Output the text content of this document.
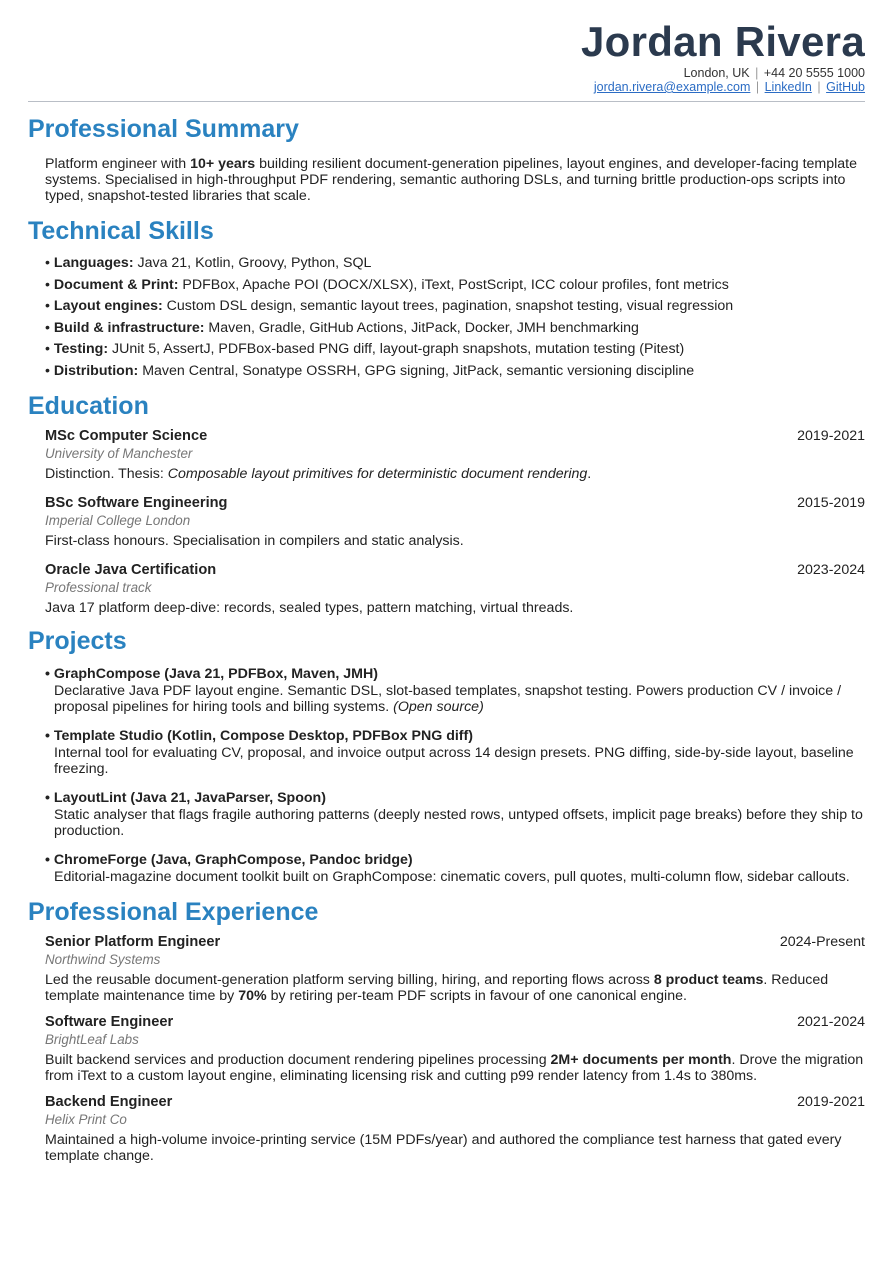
Jordan Rivera
London, UK | +44 20 5555 1000
jordan.rivera@example.com | LinkedIn | GitHub
Professional Summary
Platform engineer with 10+ years building resilient document-generation pipelines, layout engines, and developer-facing template systems. Specialised in high-throughput PDF rendering, semantic authoring DSLs, and turning brittle production-ops scripts into typed, snapshot-tested libraries that scale.
Technical Skills
• Languages: Java 21, Kotlin, Groovy, Python, SQL
• Document & Print: PDFBox, Apache POI (DOCX/XLSX), iText, PostScript, ICC colour profiles, font metrics
• Layout engines: Custom DSL design, semantic layout trees, pagination, snapshot testing, visual regression
• Build & infrastructure: Maven, Gradle, GitHub Actions, JitPack, Docker, JMH benchmarking
• Testing: JUnit 5, AssertJ, PDFBox-based PNG diff, layout-graph snapshots, mutation testing (Pitest)
• Distribution: Maven Central, Sonatype OSSRH, GPG signing, JitPack, semantic versioning discipline
Education
MSc Computer Science	2019-2021
University of Manchester
Distinction. Thesis: Composable layout primitives for deterministic document rendering.
BSc Software Engineering	2015-2019
Imperial College London
First-class honours. Specialisation in compilers and static analysis.
Oracle Java Certification	2023-2024
Professional track
Java 17 platform deep-dive: records, sealed types, pattern matching, virtual threads.
Projects
• GraphCompose (Java 21, PDFBox, Maven, JMH)
Declarative Java PDF layout engine. Semantic DSL, slot-based templates, snapshot testing. Powers production CV / invoice / proposal pipelines for hiring tools and billing systems. (Open source)
• Template Studio (Kotlin, Compose Desktop, PDFBox PNG diff)
Internal tool for evaluating CV, proposal, and invoice output across 14 design presets. PNG diffing, side-by-side layout, baseline freezing.
• LayoutLint (Java 21, JavaParser, Spoon)
Static analyser that flags fragile authoring patterns (deeply nested rows, untyped offsets, implicit page breaks) before they ship to production.
• ChromeForge (Java, GraphCompose, Pandoc bridge)
Editorial-magazine document toolkit built on GraphCompose: cinematic covers, pull quotes, multi-column flow, sidebar callouts.
Professional Experience
Senior Platform Engineer	2024-Present
Northwind Systems
Led the reusable document-generation platform serving billing, hiring, and reporting flows across 8 product teams. Reduced template maintenance time by 70% by retiring per-team PDF scripts in favour of one canonical engine.
Software Engineer	2021-2024
BrightLeaf Labs
Built backend services and production document rendering pipelines processing 2M+ documents per month. Drove the migration from iText to a custom layout engine, eliminating licensing risk and cutting p99 render latency from 1.4s to 380ms.
Backend Engineer	2019-2021
Helix Print Co
Maintained a high-volume invoice-printing service (15M PDFs/year) and authored the compliance test harness that gated every template change.
